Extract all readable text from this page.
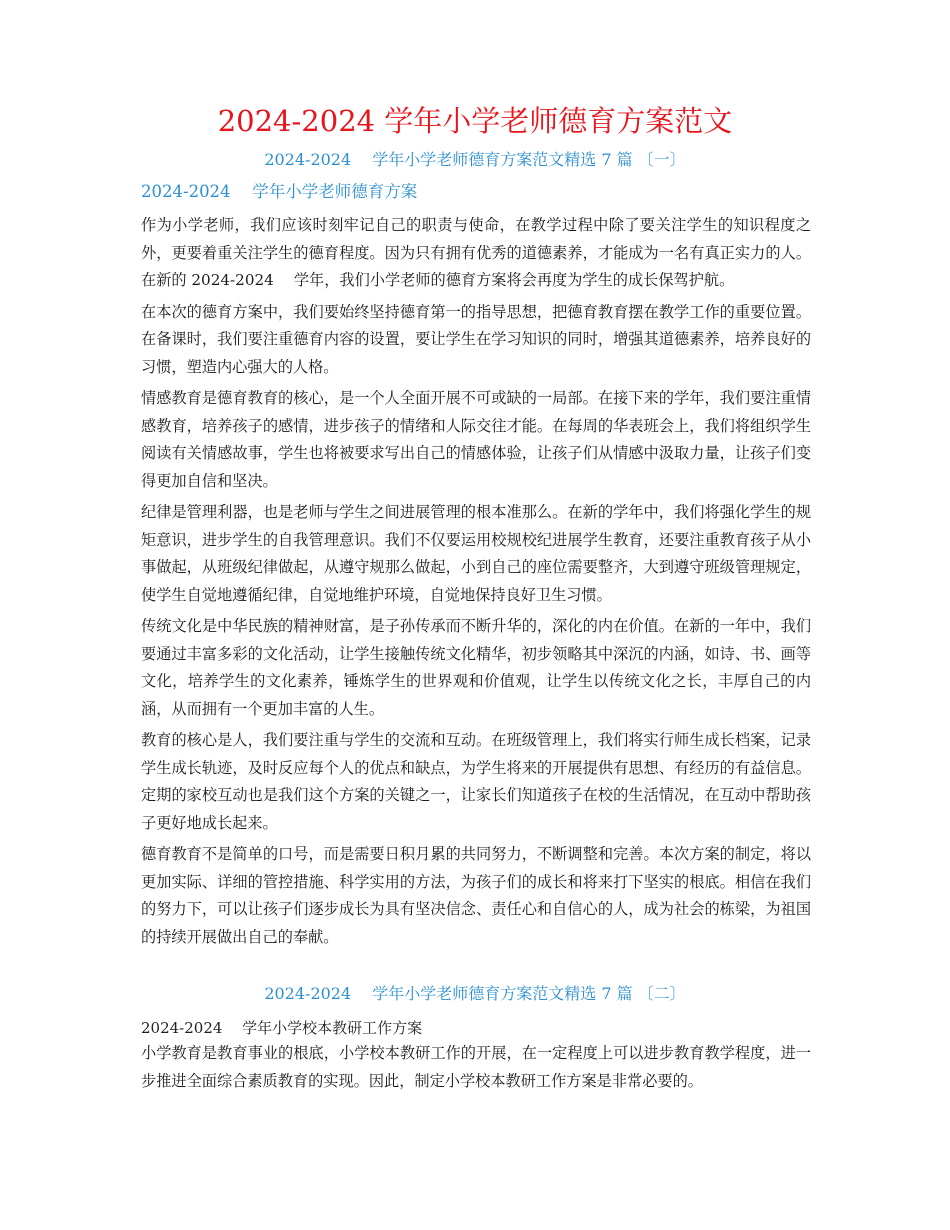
2024-2024 学年小学老师德育方案范文
2024-2024　 学年小学老师德育方案范文精选 7 篇 〔一〕
2024-2024　 学年小学老师德育方案

作为小学老师，我们应该时刻牢记自己的职责与使命，在教学过程中除了要关注学生的知识程度之外，更要着重关注学生的德育程度。因为只有拥有优秀的道德素养，才能成为一名有真正实力的人。在新的 2024-2024　 学年，我们小学老师的德育方案将会再度为学生的成长保驾护航。

在本次的德育方案中，我们要始终坚持德育第一的指导思想，把德育教育摆在教学工作的重要位置。在备课时，我们要注重德育内容的设置，要让学生在学习知识的同时，增强其道德素养，培养良好的习惯，塑造内心强大的人格。

情感教育是德育教育的核心，是一个人全面开展不可或缺的一局部。在接下来的学年，我们要注重情感教育，培养孩子的感情，进步孩子的情绪和人际交往才能。在每周的华表班会上，我们将组织学生阅读有关情感故事，学生也将被要求写出自己的情感体验，让孩子们从情感中汲取力量，让孩子们变得更加自信和坚决。

纪律是管理利器，也是老师与学生之间进展管理的根本准那么。在新的学年中，我们将强化学生的规矩意识，进步学生的自我管理意识。我们不仅要运用校规校纪进展学生教育，还要注重教育孩子从小事做起，从班级纪律做起，从遵守规那么做起，小到自己的座位需要整齐，大到遵守班级管理规定，使学生自觉地遵循纪律，自觉地维护环境，自觉地保持良好卫生习惯。

传统文化是中华民族的精神财富，是子孙传承而不断升华的，深化的内在价值。在新的一年中，我们要通过丰富多彩的文化活动，让学生接触传统文化精华，初步领略其中深沉的内涵，如诗、书、画等文化，培养学生的文化素养，锤炼学生的世界观和价值观，让学生以传统文化之长，丰厚自己的内涵，从而拥有一个更加丰富的人生。

教育的核心是人，我们要注重与学生的交流和互动。在班级管理上，我们将实行师生成长档案，记录学生成长轨迹，及时反应每个人的优点和缺点，为学生将来的开展提供有思想、有经历的有益信息。定期的家校互动也是我们这个方案的关键之一，让家长们知道孩子在校的生活情况，在互动中帮助孩子更好地成长起来。

德育教育不是简单的口号，而是需要日积月累的共同努力，不断调整和完善。本次方案的制定，将以更加实际、详细的管控措施、科学实用的方法，为孩子们的成长和将来打下坚实的根底。相信在我们的努力下，可以让孩子们逐步成长为具有坚决信念、责任心和自信心的人，成为社会的栋梁，为祖国的持续开展做出自己的奉献。

2024-2024　 学年小学老师德育方案范文精选 7 篇 〔二〕
2024-2024　 学年小学校本教研工作方案

小学教育是教育事业的根底，小学校本教研工作的开展，在一定程度上可以进步教育教学程度，进一步推进全面综合素质教育的实现。因此，制定小学校本教研工作方案是非常必要的。
